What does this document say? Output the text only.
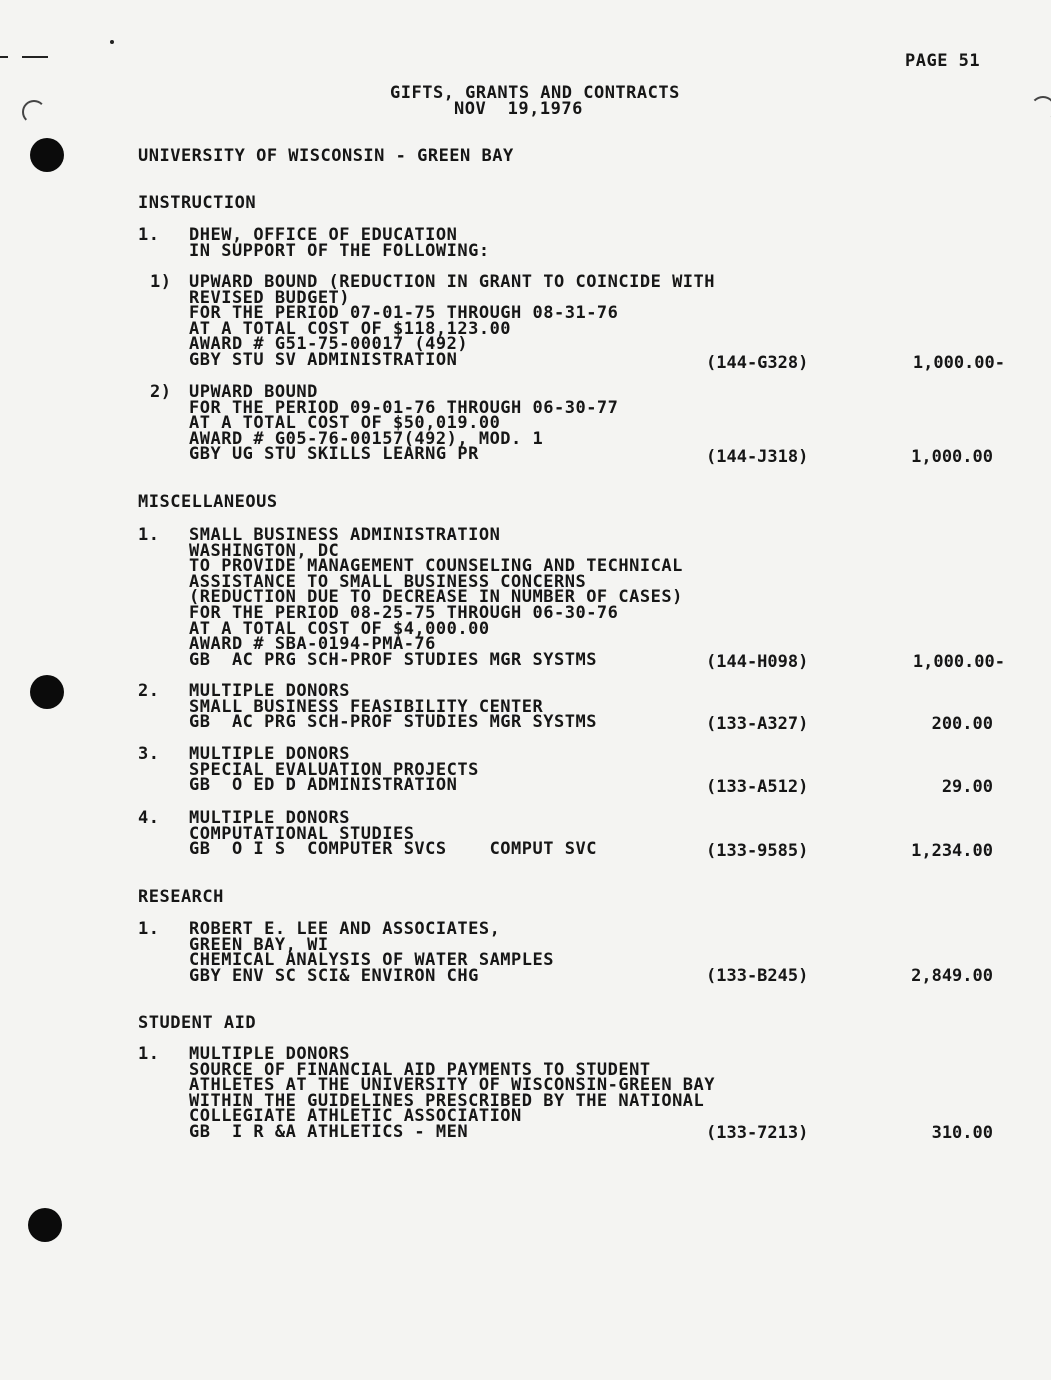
PAGE 51
GIFTS, GRANTS AND CONTRACTS
NOV  19,1976
UNIVERSITY OF WISCONSIN - GREEN BAY
INSTRUCTION
1. DHEW, OFFICE OF EDUCATION
IN SUPPORT OF THE FOLLOWING:
1) UPWARD BOUND (REDUCTION IN GRANT TO COINCIDE WITH
REVISED BUDGET)
FOR THE PERIOD 07-01-75 THROUGH 08-31-76
AT A TOTAL COST OF $118,123.00
AWARD # G51-75-00017 (492)
GBY STU SV ADMINISTRATION	(144-G328)	1,000.00-
2) UPWARD BOUND
FOR THE PERIOD 09-01-76 THROUGH 06-30-77
AT A TOTAL COST OF $50,019.00
AWARD # G05-76-00157(492), MOD. 1
GBY UG STU SKILLS LEARNG PR	(144-J318)	1,000.00
MISCELLANEOUS
1. SMALL BUSINESS ADMINISTRATION
WASHINGTON, DC
TO PROVIDE MANAGEMENT COUNSELING AND TECHNICAL
ASSISTANCE TO SMALL BUSINESS CONCERNS
(REDUCTION DUE TO DECREASE IN NUMBER OF CASES)
FOR THE PERIOD 08-25-75 THROUGH 06-30-76
AT A TOTAL COST OF $4,000.00
AWARD # SBA-0194-PMA-76
GB  AC PRG SCH-PROF STUDIES MGR SYSTMS	(144-H098)	1,000.00-
2. MULTIPLE DONORS
SMALL BUSINESS FEASIBILITY CENTER
GB  AC PRG SCH-PROF STUDIES MGR SYSTMS	(133-A327)	200.00
3. MULTIPLE DONORS
SPECIAL EVALUATION PROJECTS
GB  O ED D ADMINISTRATION	(133-A512)	29.00
4. MULTIPLE DONORS
COMPUTATIONAL STUDIES
GB  O I S  COMPUTER SVCS    COMPUT SVC	(133-9585)	1,234.00
RESEARCH
1. ROBERT E. LEE AND ASSOCIATES,
GREEN BAY, WI
CHEMICAL ANALYSIS OF WATER SAMPLES
GBY ENV SC SCI& ENVIRON CHG	(133-B245)	2,849.00
STUDENT AID
1. MULTIPLE DONORS
SOURCE OF FINANCIAL AID PAYMENTS TO STUDENT
ATHLETES AT THE UNIVERSITY OF WISCONSIN-GREEN BAY
WITHIN THE GUIDELINES PRESCRIBED BY THE NATIONAL
COLLEGIATE ATHLETIC ASSOCIATION
GB  I R &A ATHLETICS - MEN	(133-7213)	310.00
